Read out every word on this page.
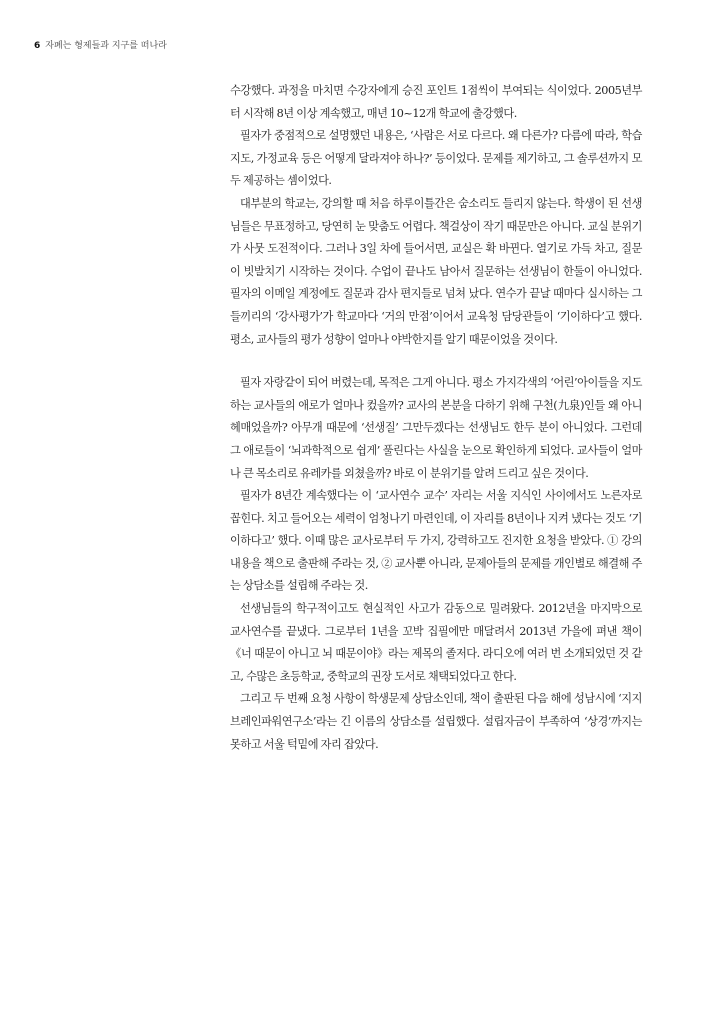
6 자폐는 형제들과 지구를 떠나라

수강했다. 과정을 마치면 수강자에게 승진 포인트 1점씩이 부여되는 식이었다. 2005년부터 시작해 8년 이상 계속했고, 매년 10~12개 학교에 출강했다.

필자가 중점적으로 설명했던 내용은, ‘사람은 서로 다르다. 왜 다른가? 다름에 따라, 학습지도, 가정교육 등은 어떻게 달라져야 하나?’ 등이었다. 문제를 제기하고, 그 솔루션까지 모두 제공하는 셈이었다.

대부분의 학교는, 강의할 때 처음 하루이틀간은 숨소리도 들리지 않는다. 학생이 된 선생님들은 무표정하고, 당연히 눈 맞춤도 어렵다. 책걸상이 작기 때문만은 아니다. 교실 분위기가 사뭇 도전적이다. 그러나 3일 차에 들어서면, 교실은 확 바뀐다. 열기로 가득 차고, 질문이 빗발치기 시작하는 것이다. 수업이 끝나도 남아서 질문하는 선생님이 한둘이 아니었다. 필자의 이메일 계정에도 질문과 감사 편지들로 넘쳐 났다. 연수가 끝날 때마다 실시하는 그들끼리의 ‘강사평가’가 학교마다 ‘거의 만점’이어서 교육청 담당관들이 ‘기이하다’고 했다. 평소, 교사들의 평가 성향이 얼마나 야박한지를 알기 때문이었을 것이다.

필자 자랑같이 되어 버렸는데, 목적은 그게 아니다. 평소 가지각색의 ‘어린’아이들을 지도하는 교사들의 애로가 얼마나 컸을까? 교사의 본분을 다하기 위해 구천(九泉)인들 왜 아니 헤매었을까? 아무개 때문에 ‘선생질’ 그만두겠다는 선생님도 한두 분이 아니었다. 그런데 그 애로들이 ‘뇌과학적으로 쉽게’ 풀린다는 사실을 눈으로 확인하게 되었다. 교사들이 얼마나 큰 목소리로 유레카를 외쳤을까? 바로 이 분위기를 알려 드리고 싶은 것이다.

필자가 8년간 계속했다는 이 ‘교사연수 교수’ 자리는 서울 지식인 사이에서도 노른자로 꼽힌다. 치고 들어오는 세력이 엄청나기 마련인데, 이 자리를 8년이나 지켜 냈다는 것도 ‘기이하다고’ 했다. 이때 많은 교사로부터 두 가지, 강력하고도 진지한 요청을 받았다. ① 강의 내용을 책으로 출판해 주라는 것, ② 교사뿐 아니라, 문제아들의 문제를 개인별로 해결해 주는 상담소를 설립해 주라는 것.

선생님들의 학구적이고도 현실적인 사고가 감동으로 밀려왔다. 2012년을 마지막으로 교사연수를 끝냈다. 그로부터 1년을 꼬박 집필에만 매달려서 2013년 가을에 펴낸 책이 《너 때문이 아니고 뇌 때문이야》라는 제목의 졸저다. 라디오에 여러 번 소개되었던 것 같고, 수많은 초등학교, 중학교의 권장 도서로 채택되었다고 한다.

그리고 두 번째 요청 사항이 학생문제 상담소인데, 책이 출판된 다음 해에 성남시에 ‘지지브레인파워연구소’라는 긴 이름의 상담소를 설립했다. 설립자금이 부족하여 ‘상경’까지는 못하고 서울 턱밑에 자리 잡았다.
